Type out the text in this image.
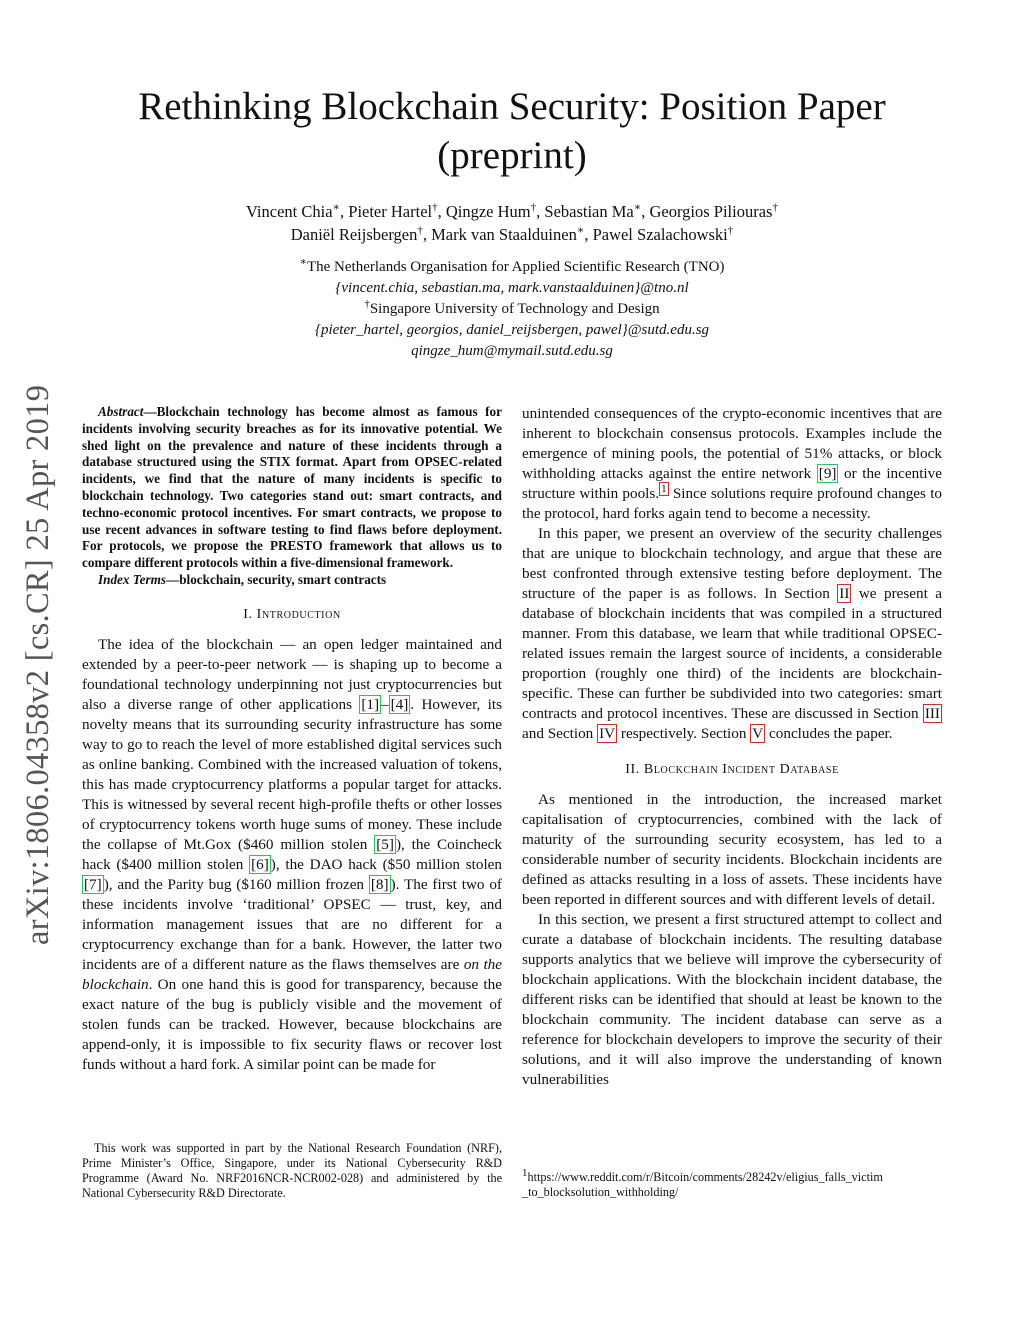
arXiv:1806.04358v2 [cs.CR] 25 Apr 2019
Rethinking Blockchain Security: Position Paper
(preprint)
Vincent Chia∗, Pieter Hartel†, Qingze Hum†, Sebastian Ma∗, Georgios Piliouras†
Daniël Reijsbergen†, Mark van Staalduinen∗, Pawel Szalachowski†
∗The Netherlands Organisation for Applied Scientific Research (TNO)
{vincent.chia, sebastian.ma, mark.vanstaalduinen}@tno.nl
†Singapore University of Technology and Design
{pieter_hartel, georgios, daniel_reijsbergen, pawel}@sutd.edu.sg
qingze_hum@mymail.sutd.edu.sg

Abstract—Blockchain technology has become almost as famous for incidents involving security breaches as for its innovative potential. We shed light on the prevalence and nature of these incidents through a database structured using the STIX format. Apart from OPSEC-related incidents, we find that the nature of many incidents is specific to blockchain technology. Two categories stand out: smart contracts, and techno-economic protocol incentives. For smart contracts, we propose to use recent advances in software testing to find flaws before deployment. For protocols, we propose the PRESTO framework that allows us to compare different protocols within a five-dimensional framework.

Index Terms—blockchain, security, smart contracts

I. Introduction

The idea of the blockchain — an open ledger maintained and extended by a peer-to-peer network — is shaping up to become a foundational technology underpinning not just cryptocurrencies but also a diverse range of other applications [1] – [4] . However, its novelty means that its surrounding security infrastructure has some way to go to reach the level of more established digital services such as online banking. Combined with the increased valuation of tokens, this has made cryptocurrency platforms a popular target for attacks. This is witnessed by several recent high-profile thefts or other losses of cryptocurrency tokens worth huge sums of money. These include the collapse of Mt.Gox ($460 million stolen [5] ), the Coincheck hack ($400 million stolen [6] ), the DAO hack ($50 million stolen [7] ), and the Parity bug ($160 million frozen [8] ). The first two of these incidents involve ‘traditional’ OPSEC — trust, key, and information management issues that are no different for a cryptocurrency exchange than for a bank. However, the latter two incidents are of a different nature as the flaws themselves are on the blockchain. On one hand this is good for transparency, because the exact nature of the bug is publicly visible and the movement of stolen funds can be tracked. However, because blockchains are append-only, it is impossible to fix security flaws or recover lost funds without a hard fork. A similar point can be made for

This work was supported in part by the National Research Foundation (NRF), Prime Minister’s Office, Singapore, under its National Cybersecurity R&D Programme (Award No. NRF2016NCR-NCR002-028) and administered by the National Cybersecurity R&D Directorate.

unintended consequences of the crypto-economic incentives that are inherent to blockchain consensus protocols. Examples include the emergence of mining pools, the potential of 51% attacks, or block withholding attacks against the entire network [9] or the incentive structure within pools. $^1$ Since solutions require profound changes to the protocol, hard forks again tend to become a necessity.

In this paper, we present an overview of the security challenges that are unique to blockchain technology, and argue that these are best confronted through extensive testing before deployment. The structure of the paper is as follows. In Section II we present a database of blockchain incidents that was compiled in a structured manner. From this database, we learn that while traditional OPSEC-related issues remain the largest source of incidents, a considerable proportion (roughly one third) of the incidents are blockchain-specific. These can further be subdivided into two categories: smart contracts and protocol incentives. These are discussed in Section III and Section IV respectively. Section V concludes the paper.

II. Blockchain Incident Database

As mentioned in the introduction, the increased market capitalisation of cryptocurrencies, combined with the lack of maturity of the surrounding security ecosystem, has led to a considerable number of security incidents. Blockchain incidents are defined as attacks resulting in a loss of assets. These incidents have been reported in different sources and with different levels of detail.

In this section, we present a first structured attempt to collect and curate a database of blockchain incidents. The resulting database supports analytics that we believe will improve the cybersecurity of blockchain applications. With the blockchain incident database, the different risks can be identified that should at least be known to the blockchain community. The incident database can serve as a reference for blockchain developers to improve the security of their solutions, and it will also improve the understanding of known vulnerabilities

$^1$https://www.reddit.com/r/Bitcoin/comments/28242v/eligius_falls_victim
_to_blocksolution_withholding/
